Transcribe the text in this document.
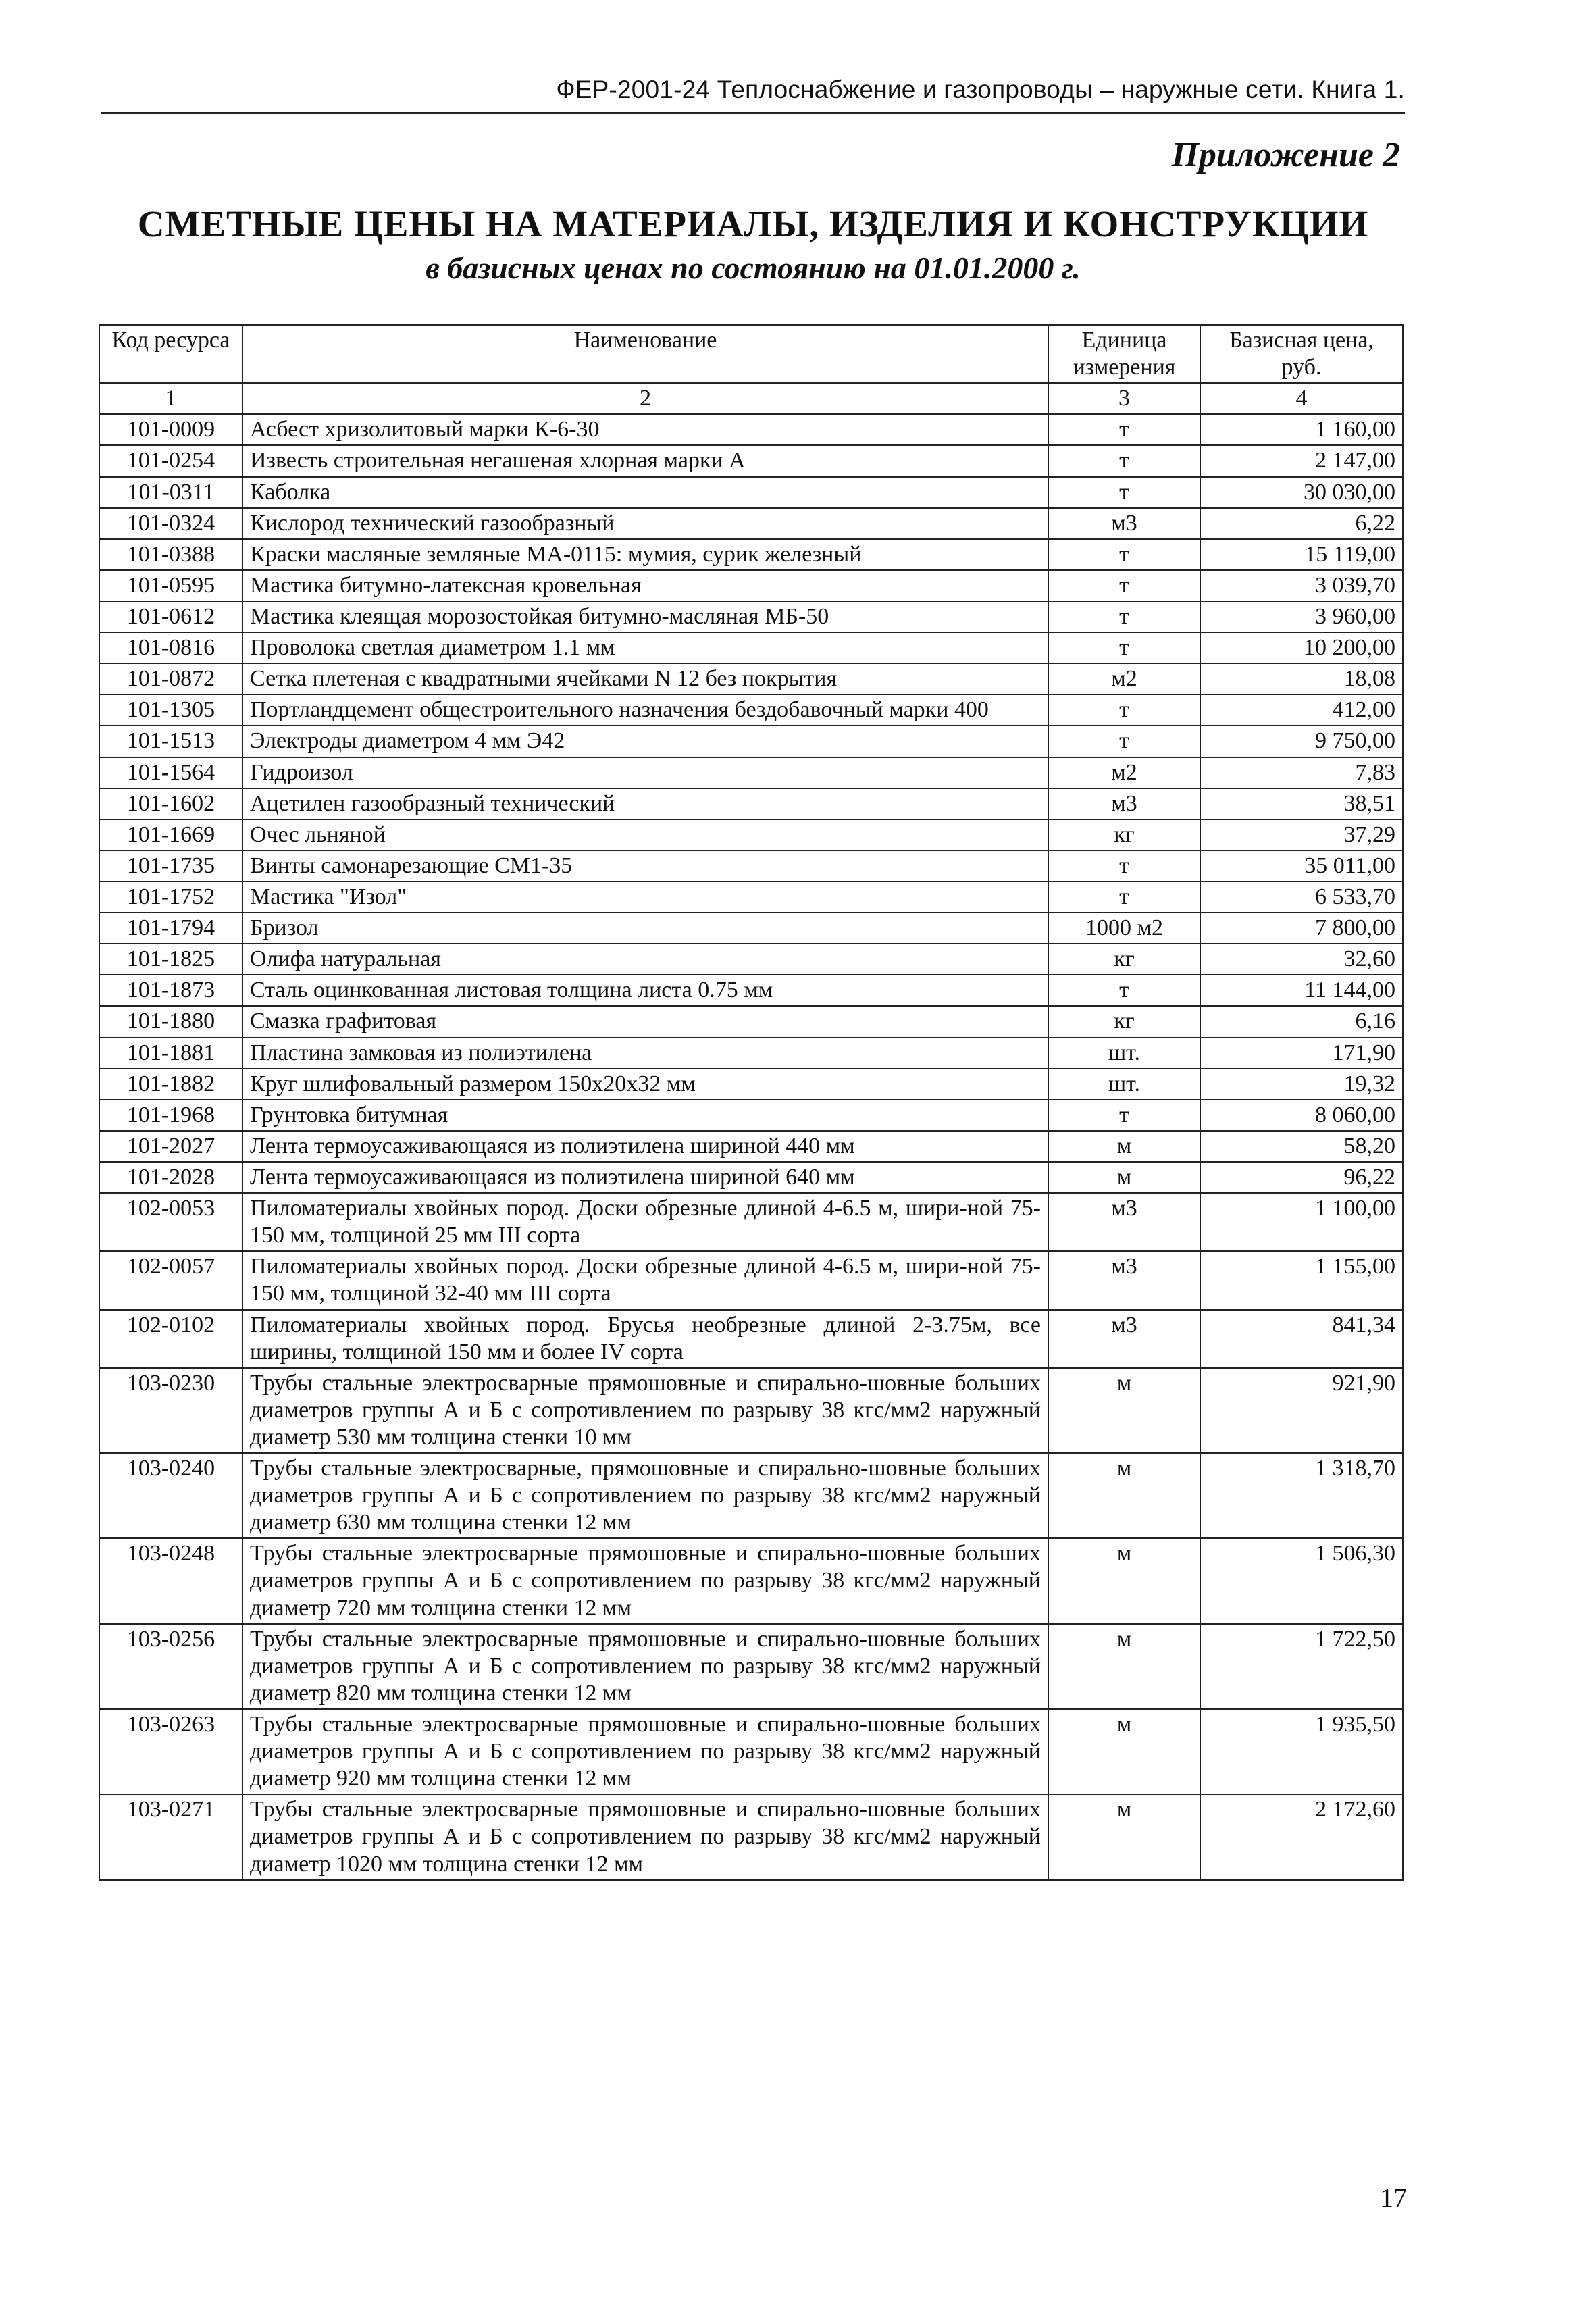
ФЕР-2001-24 Теплоснабжение и газопроводы – наружные сети. Книга 1.
Приложение 2
СМЕТНЫЕ ЦЕНЫ НА МАТЕРИАЛЫ, ИЗДЕЛИЯ И КОНСТРУКЦИИ
в базисных ценах по состоянию на 01.01.2000 г.
Код ресурса	Наименование	Единица измерения	Базисная цена, руб.
1	2	3	4
101-0009	Асбест хризолитовый марки К-6-30	т	1 160,00
101-0254	Известь строительная негашеная хлорная марки А	т	2 147,00
101-0311	Каболка	т	30 030,00
101-0324	Кислород технический газообразный	м3	6,22
101-0388	Краски масляные земляные МА-0115: мумия, сурик железный	т	15 119,00
101-0595	Мастика битумно-латексная кровельная	т	3 039,70
101-0612	Мастика клеящая морозостойкая битумно-масляная МБ-50	т	3 960,00
101-0816	Проволока светлая диаметром 1.1 мм	т	10 200,00
101-0872	Сетка плетеная с квадратными ячейками N 12 без покрытия	м2	18,08
101-1305	Портландцемент общестроительного назначения бездобавочный марки 400	т	412,00
101-1513	Электроды диаметром 4 мм Э42	т	9 750,00
101-1564	Гидроизол	м2	7,83
101-1602	Ацетилен газообразный технический	м3	38,51
101-1669	Очес льняной	кг	37,29
101-1735	Винты самонарезающие СМ1-35	т	35 011,00
101-1752	Мастика "Изол"	т	6 533,70
101-1794	Бризол	1000 м2	7 800,00
101-1825	Олифа натуральная	кг	32,60
101-1873	Сталь оцинкованная листовая толщина листа 0.75 мм	т	11 144,00
101-1880	Смазка графитовая	кг	6,16
101-1881	Пластина замковая из полиэтилена	шт.	171,90
101-1882	Круг шлифовальный размером 150х20х32 мм	шт.	19,32
101-1968	Грунтовка битумная	т	8 060,00
101-2027	Лента термоусаживающаяся из полиэтилена шириной 440 мм	м	58,20
101-2028	Лента термоусаживающаяся из полиэтилена шириной 640 мм	м	96,22
102-0053	Пиломатериалы хвойных пород. Доски обрезные длиной 4-6.5 м, шири-ной 75-150 мм, толщиной 25 мм III сорта	м3	1 100,00
102-0057	Пиломатериалы хвойных пород. Доски обрезные длиной 4-6.5 м, шири-ной 75-150 мм, толщиной 32-40 мм III сорта	м3	1 155,00
102-0102	Пиломатериалы хвойных пород. Брусья необрезные длиной 2-3.75м, все ширины, толщиной 150 мм и более IV сорта	м3	841,34
103-0230	Трубы стальные электросварные прямошовные и спирально-шовные больших диаметров группы А и Б с сопротивлением по разрыву 38 кгс/мм2 наружный диаметр 530 мм толщина стенки 10 мм	м	921,90
103-0240	Трубы стальные электросварные, прямошовные и спирально-шовные больших диаметров группы А и Б с сопротивлением по разрыву 38 кгс/мм2 наружный диаметр 630 мм толщина стенки 12 мм	м	1 318,70
103-0248	Трубы стальные электросварные прямошовные и спирально-шовные больших диаметров группы А и Б с сопротивлением по разрыву 38 кгс/мм2 наружный диаметр 720 мм толщина стенки 12 мм	м	1 506,30
103-0256	Трубы стальные электросварные прямошовные и спирально-шовные больших диаметров группы А и Б с сопротивлением по разрыву 38 кгс/мм2 наружный диаметр 820 мм толщина стенки 12 мм	м	1 722,50
103-0263	Трубы стальные электросварные прямошовные и спирально-шовные больших диаметров группы А и Б с сопротивлением по разрыву 38 кгс/мм2 наружный диаметр 920 мм толщина стенки 12 мм	м	1 935,50
103-0271	Трубы стальные электросварные прямошовные и спирально-шовные больших диаметров группы А и Б с сопротивлением по разрыву 38 кгс/мм2 наружный диаметр 1020 мм толщина стенки 12 мм	м	2 172,60
17
